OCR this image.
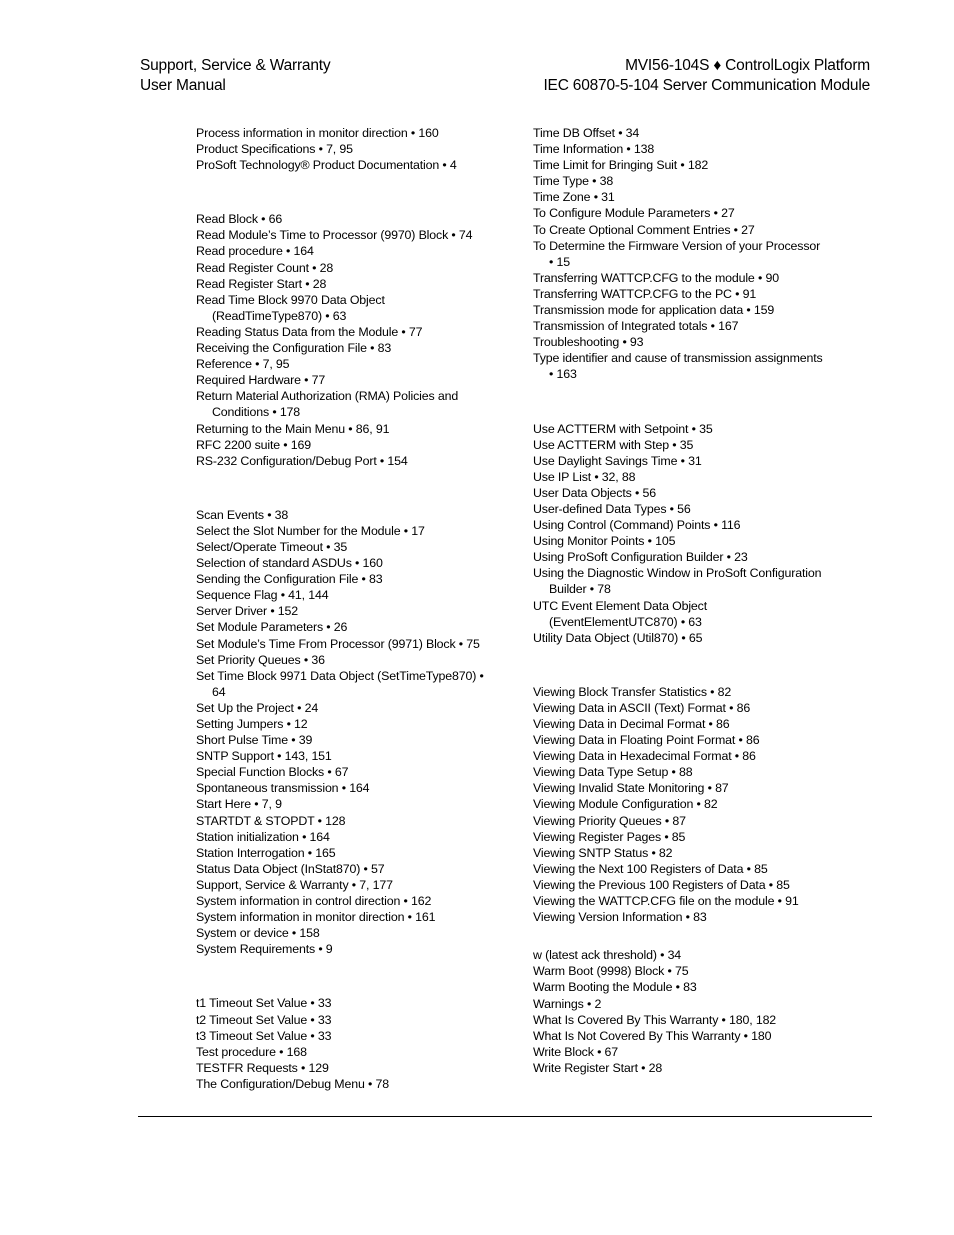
Support, Service & Warranty
User Manual
MVI56-104S ♦ ControlLogix Platform
IEC 60870-5-104 Server Communication Module
Process information in monitor direction • 160
Product Specifications • 7, 95
ProSoft Technology® Product Documentation • 4
Read Block • 66
Read Module’s Time to Processor (9970) Block • 74
Read procedure • 164
Read Register Count • 28
Read Register Start • 28
Read Time Block 9970 Data Object
(ReadTimeType870) • 63
Reading Status Data from the Module • 77
Receiving the Configuration File • 83
Reference • 7, 95
Required Hardware • 77
Return Material Authorization (RMA) Policies and
Conditions • 178
Returning to the Main Menu • 86, 91
RFC 2200 suite • 169
RS-232 Configuration/Debug Port • 154
Scan Events • 38
Select the Slot Number for the Module • 17
Select/Operate Timeout • 35
Selection of standard ASDUs • 160
Sending the Configuration File • 83
Sequence Flag • 41, 144
Server Driver • 152
Set Module Parameters • 26
Set Module’s Time From Processor (9971) Block • 75
Set Priority Queues • 36
Set Time Block 9971 Data Object (SetTimeType870) •
64
Set Up the Project • 24
Setting Jumpers • 12
Short Pulse Time • 39
SNTP Support • 143, 151
Special Function Blocks • 67
Spontaneous transmission • 164
Start Here • 7, 9
STARTDT & STOPDT • 128
Station initialization • 164
Station Interrogation • 165
Status Data Object (InStat870) • 57
Support, Service & Warranty • 7, 177
System information in control direction • 162
System information in monitor direction • 161
System or device • 158
System Requirements • 9
t1 Timeout Set Value • 33
t2 Timeout Set Value • 33
t3 Timeout Set Value • 33
Test procedure • 168
TESTFR Requests • 129
The Configuration/Debug Menu • 78
Time DB Offset • 34
Time Information • 138
Time Limit for Bringing Suit • 182
Time Type • 38
Time Zone • 31
To Configure Module Parameters • 27
To Create Optional Comment Entries • 27
To Determine the Firmware Version of your Processor
• 15
Transferring WATTCP.CFG to the module • 90
Transferring WATTCP.CFG to the PC • 91
Transmission mode for application data • 159
Transmission of Integrated totals • 167
Troubleshooting • 93
Type identifier and cause of transmission assignments
• 163
Use ACTTERM with Setpoint • 35
Use ACTTERM with Step • 35
Use Daylight Savings Time • 31
Use IP List • 32, 88
User Data Objects • 56
User-defined Data Types • 56
Using Control (Command) Points • 116
Using Monitor Points • 105
Using ProSoft Configuration Builder • 23
Using the Diagnostic Window in ProSoft Configuration
Builder • 78
UTC Event Element Data Object
(EventElementUTC870) • 63
Utility Data Object (Util870) • 65
Viewing Block Transfer Statistics • 82
Viewing Data in ASCII (Text) Format • 86
Viewing Data in Decimal Format • 86
Viewing Data in Floating Point Format • 86
Viewing Data in Hexadecimal Format • 86
Viewing Data Type Setup • 88
Viewing Invalid State Monitoring • 87
Viewing Module Configuration • 82
Viewing Priority Queues • 87
Viewing Register Pages • 85
Viewing SNTP Status • 82
Viewing the Next 100 Registers of Data • 85
Viewing the Previous 100 Registers of Data • 85
Viewing the WATTCP.CFG file on the module • 91
Viewing Version Information • 83
w (latest ack threshold) • 34
Warm Boot (9998) Block • 75
Warm Booting the Module • 83
Warnings • 2
What Is Covered By This Warranty • 180, 182
What Is Not Covered By This Warranty • 180
Write Block • 67
Write Register Start • 28
